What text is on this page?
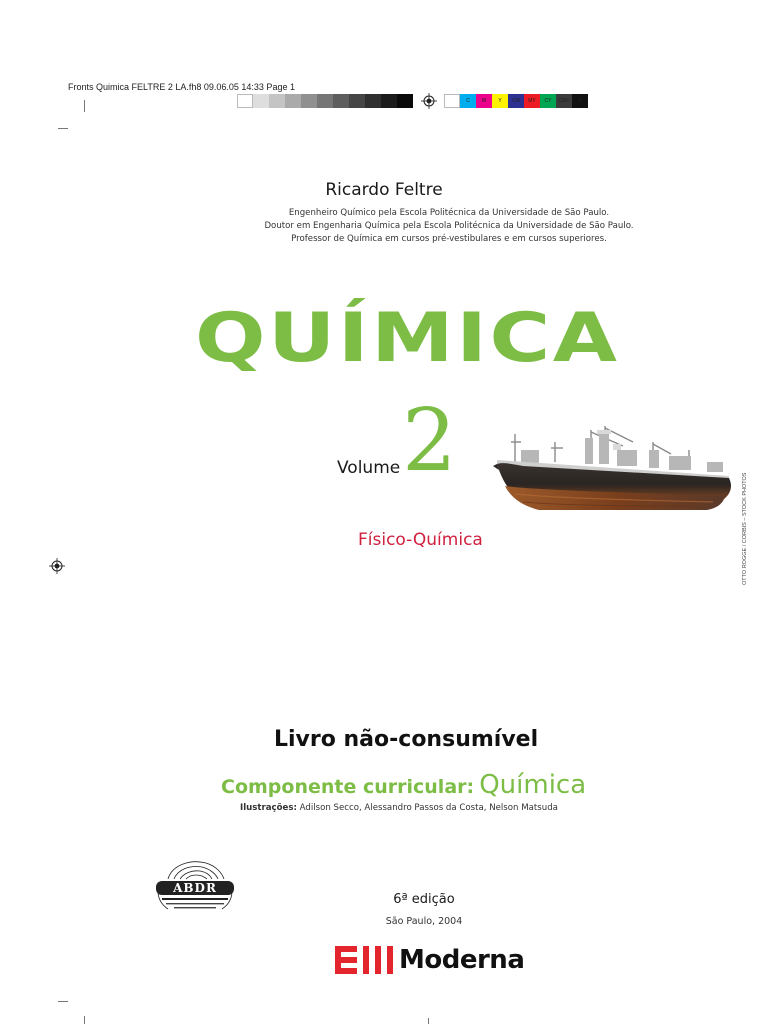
Fronts Quimica FELTRE 2 LA.fh8 09.06.05 14:33 Page 1
C	M	Y	CM	MY	CY	CMY	K
Ricardo Feltre
Engenheiro Químico pela Escola Politécnica da Universidade de São Paulo.
Doutor em Engenharia Química pela Escola Politécnica da Universidade de São Paulo.
Professor de Química em cursos pré-vestibulares e em cursos superiores.
QUÍMICA
Volume 2
Físico-Química	OTTO ROGGE / CORBIS – STOCK PHOTOS
Livro não-consumível
Componente curricular: Química
Ilustrações: Adilson Secco, Alessandro Passos da Costa, Nelson Matsuda
ABDR
6ª edição
São Paulo, 2004
Moderna
